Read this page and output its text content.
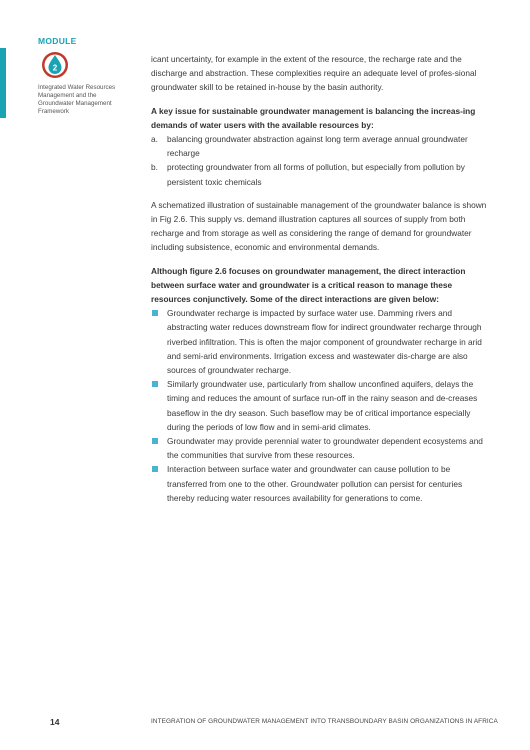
MODULE
2
Integrated Water Resources Management and the Groundwater Management Framework

icant uncertainty, for example in the extent of the resource, the recharge rate and the discharge and abstraction. These complexities require an adequate level of profes-sional groundwater skill to be retained in-house by the basin authority.

A key issue for sustainable groundwater management is balancing the increas-ing demands of water users with the available resources by:

a. balancing groundwater abstraction against long term average annual groundwater recharge
b. protecting groundwater from all forms of pollution, but especially from pollution by persistent toxic chemicals

A schematized illustration of sustainable management of the groundwater balance is shown in Fig 2.6. This supply vs. demand illustration captures all sources of supply from both recharge and from storage as well as considering the range of demand for groundwater including subsistence, economic and environmental demands.

Although figure 2.6 focuses on groundwater management, the direct interaction between surface water and groundwater is a critical reason to manage these resources conjunctively. Some of the direct interactions are given below:

Groundwater recharge is impacted by surface water use. Damming rivers and abstracting water reduces downstream flow for indirect groundwater recharge through riverbed infiltration. This is often the major component of groundwater recharge in arid and semi-arid environments. Irrigation excess and wastewater dis-charge are also sources of groundwater recharge.
Similarly groundwater use, particularly from shallow unconfined aquifers, delays the timing and reduces the amount of surface run-off in the rainy season and de-creases baseflow in the dry season. Such baseflow may be of critical importance especially during the periods of low flow and in semi-arid climates.
Groundwater may provide perennial water to groundwater dependent ecosystems and the communities that survive from these resources.
Interaction between surface water and groundwater can cause pollution to be transferred from one to the other. Groundwater pollution can persist for centuries thereby reducing water resources availability for generations to come.
14	INTEGRATION OF GROUNDWATER MANAGEMENT INTO TRANSBOUNDARY BASIN ORGANIZATIONS IN AFRICA
